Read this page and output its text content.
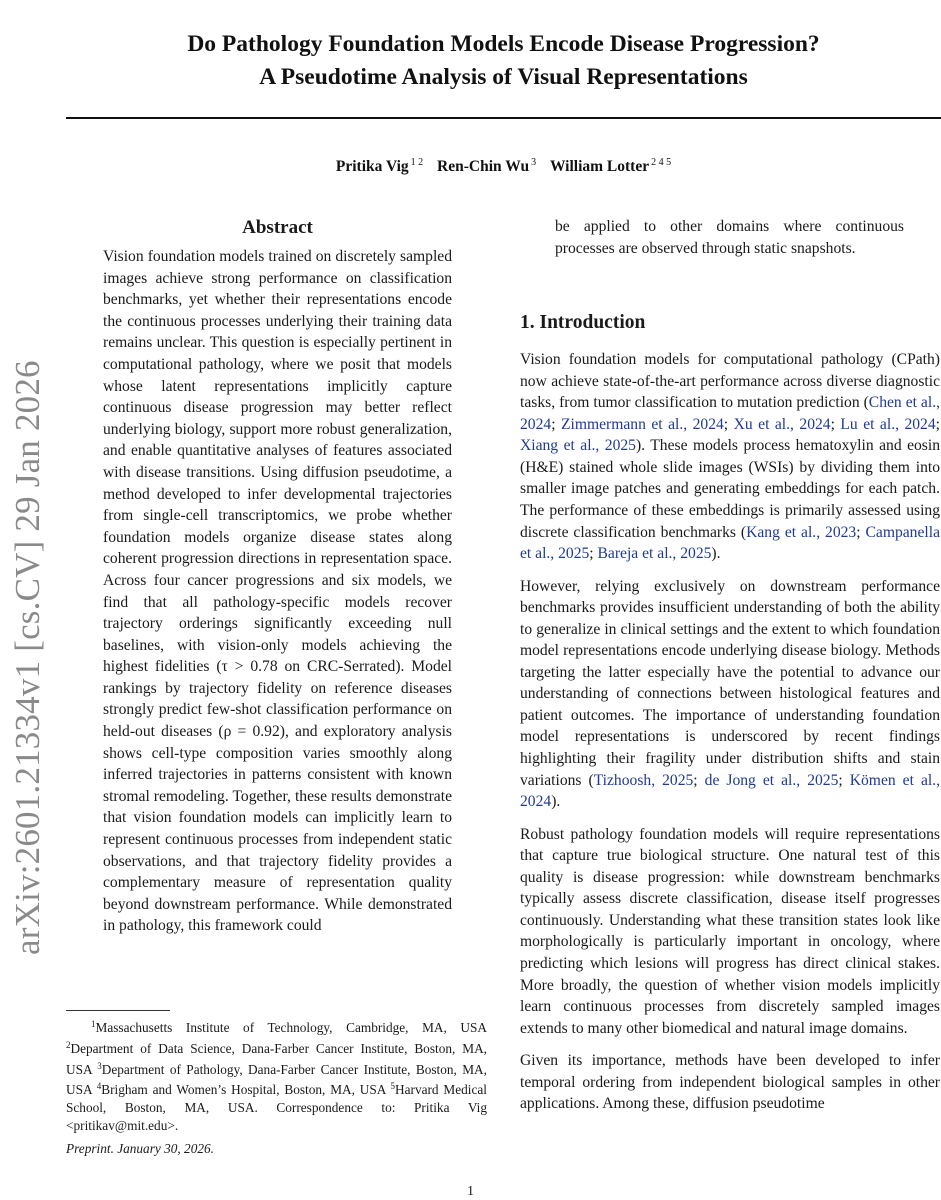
arXiv:2601.21334v1 [cs.CV] 29 Jan 2026
Do Pathology Foundation Models Encode Disease Progression?
A Pseudotime Analysis of Visual Representations
Pritika Vig $^{1 2}$ Ren-Chin Wu $^3$ William Lotter $^{2 4 5}$
Abstract

Vision foundation models trained on discretely sampled images achieve strong performance on classification benchmarks, yet whether their representations encode the continuous processes underlying their training data remains unclear. This question is especially pertinent in computational pathology, where we posit that models whose latent representations implicitly capture continuous disease progression may better reflect underlying biology, support more robust generalization, and enable quantitative analyses of features associated with disease transitions. Using diffusion pseudotime, a method developed to infer developmental trajectories from single-cell transcriptomics, we probe whether foundation models organize disease states along coherent progression directions in representation space. Across four cancer progressions and six models, we find that all pathology-specific models recover trajectory orderings significantly exceeding null baselines, with vision-only models achieving the highest fidelities (τ > 0.78 on CRC-Serrated). Model rankings by trajectory fidelity on reference diseases strongly predict few-shot classification performance on held-out diseases (ρ = 0.92), and exploratory analysis shows cell-type composition varies smoothly along inferred trajectories in patterns consistent with known stromal remodeling. Together, these results demonstrate that vision foundation models can implicitly learn to represent continuous processes from independent static observations, and that trajectory fidelity provides a complementary measure of representation quality beyond downstream performance. While demonstrated in pathology, this framework could

be applied to other domains where continuous processes are observed through static snapshots.

1. Introduction

Vision foundation models for computational pathology (CPath) now achieve state-of-the-art performance across diverse diagnostic tasks, from tumor classification to mutation prediction (Chen et al., 2024; Zimmermann et al., 2024; Xu et al., 2024; Lu et al., 2024; Xiang et al., 2025). These models process hematoxylin and eosin (H&E) stained whole slide images (WSIs) by dividing them into smaller image patches and generating embeddings for each patch. The performance of these embeddings is primarily assessed using discrete classification benchmarks (Kang et al., 2023; Campanella et al., 2025; Bareja et al., 2025).

However, relying exclusively on downstream performance benchmarks provides insufficient understanding of both the ability to generalize in clinical settings and the extent to which foundation model representations encode underlying disease biology. Methods targeting the latter especially have the potential to advance our understanding of connections between histological features and patient outcomes. The importance of understanding foundation model representations is underscored by recent findings highlighting their fragility under distribution shifts and stain variations (Tizhoosh, 2025; de Jong et al., 2025; Kömen et al., 2024).

Robust pathology foundation models will require representations that capture true biological structure. One natural test of this quality is disease progression: while downstream benchmarks typically assess discrete classification, disease itself progresses continuously. Understanding what these transition states look like morphologically is particularly important in oncology, where predicting which lesions will progress has direct clinical stakes. More broadly, the question of whether vision models implicitly learn continuous processes from discretely sampled images extends to many other biomedical and natural image domains.

Given its importance, methods have been developed to infer temporal ordering from independent biological samples in other applications. Among these, diffusion pseudotime

$^1$Massachusetts Institute of Technology, Cambridge, MA, USA $^2$Department of Data Science, Dana-Farber Cancer Institute, Boston, MA, USA $^3$Department of Pathology, Dana-Farber Cancer Institute, Boston, MA, USA $^4$Brigham and Women’s Hospital, Boston, MA, USA $^5$Harvard Medical School, Boston, MA, USA. Correspondence to: Pritika Vig <pritikav@mit.edu>.
Preprint. January 30, 2026.
1
